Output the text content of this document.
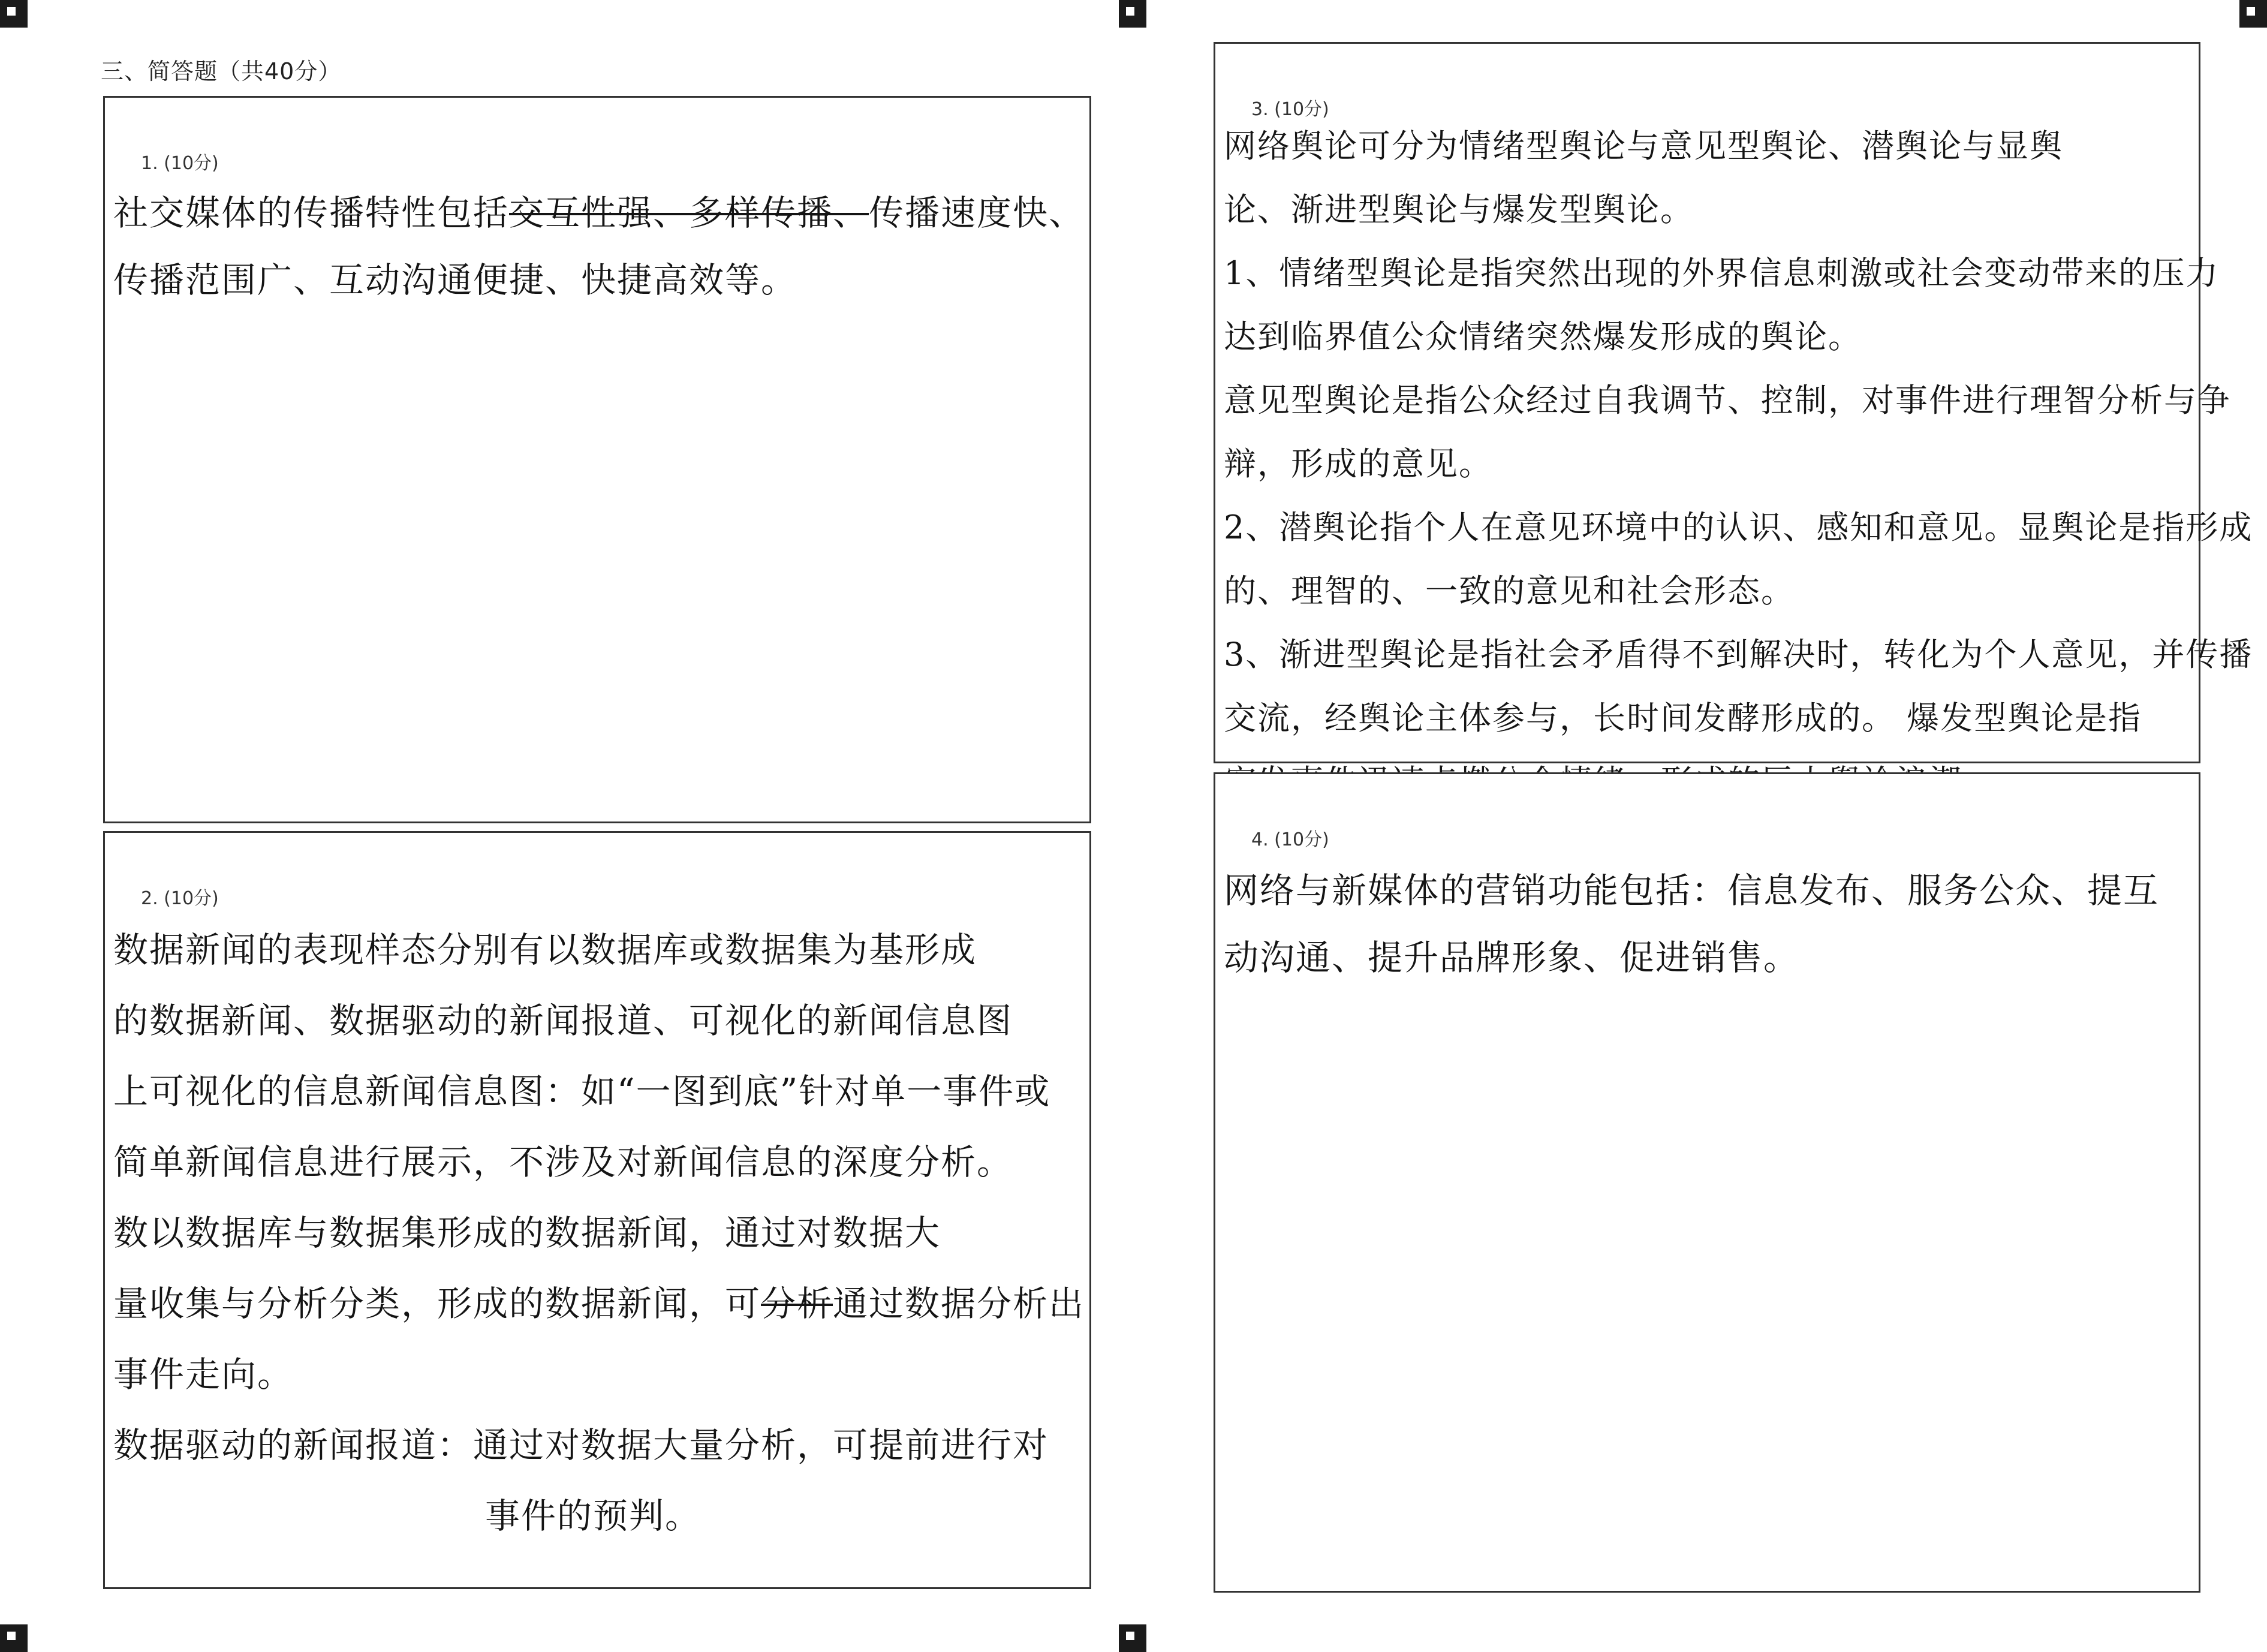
三、简答题（共40分）
1. (10分)
社交媒体的传播特性包括交互性强、多样传播、传播速度快、
传播范围广、互动沟通便捷、快捷高效等。
2. (10分)
数据新闻的表现样态分别有以数据库或数据集为基形成
的数据新闻、数据驱动的新闻报道、可视化的新闻信息图
上可视化的信息新闻信息图：如“一图到底”针对单一事件或
简单新闻信息进行展示，不涉及对新闻信息的深度分析。
数以数据库与数据集形成的数据新闻，通过对数据大
量收集与分析分类，形成的数据新闻，可分析通过数据分析出
事件走向。
数据驱动的新闻报道：通过对数据大量分析，可提前进行对
事件的预判。
3. (10分)
网络舆论可分为情绪型舆论与意见型舆论、潜舆论与显舆
论、渐进型舆论与爆发型舆论。
1、情绪型舆论是指突然出现的外界信息刺激或社会变动带来的压力
达到临界值公众情绪突然爆发形成的舆论。
意见型舆论是指公众经过自我调节、控制，对事件进行理智分析与争
辩，形成的意见。
2、潜舆论指个人在意见环境中的认识、感知和意见。显舆论是指形成
的、理智的、一致的意见和社会形态。
3、渐进型舆论是指社会矛盾得不到解决时，转化为个人意见，并传播
交流，经舆论主体参与，长时间发酵形成的。 爆发型舆论是指
4. (10分)
网络与新媒体的营销功能包括：信息发布、服务公众、提互
动沟通、提升品牌形象、促进销售。
